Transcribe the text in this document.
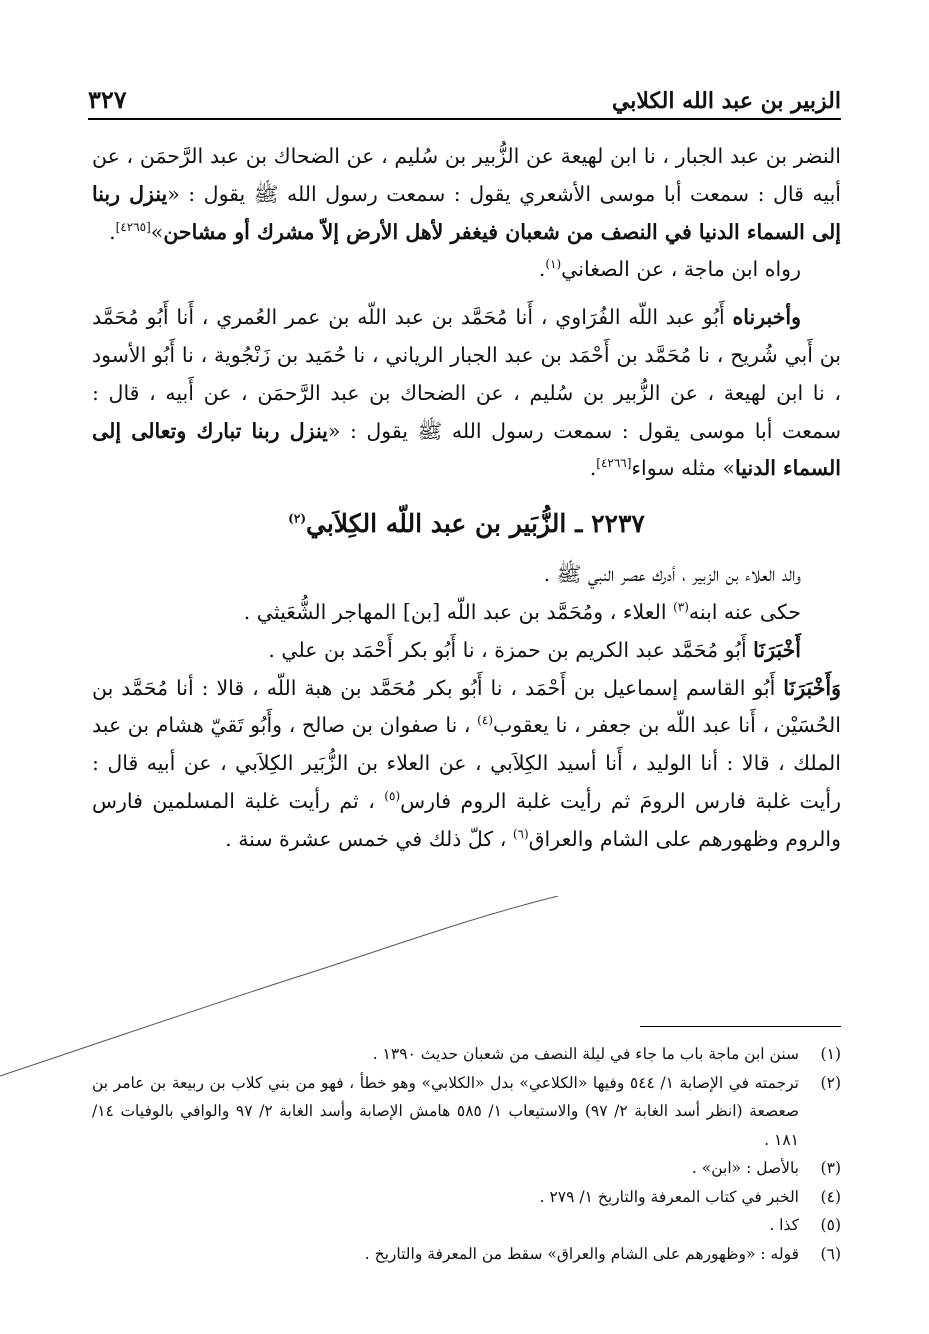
الزبير بن عبد الله الكلابي
٣٢٧

النضر بن عبد الجبار ، نا ابن لهيعة عن الزُّبير بن سُليم ، عن الضحاك بن عبد الرَّحمَن ، عن أبيه قال : سمعت أبا موسى الأشعري يقول : سمعت رسول الله ﷺ يقول : «ينزل ربنا إلى السماء الدنيا في النصف من شعبان فيغفر لأهل الأرض إلاّ مشرك أو مشاحن»[٤٢٦٥].

رواه ابن ماجة ، عن الصغاني$^{(١)}$.

وأخبرناه أَبُو عبد اللّه الفُرَاوي ، أَنا مُحَمَّد بن عبد اللّه بن عمر العُمري ، أَنا أَبُو مُحَمَّد بن أَبي شُريح ، نا مُحَمَّد بن أَحْمَد بن عبد الجبار الرياني ، نا حُمَيد بن زَنْجُوية ، نا أَبُو الأسود ، نا ابن لهيعة ، عن الزُّبير بن سُليم ، عن الضحاك بن عبد الرَّحمَن ، عن أَبيه ، قال : سمعت أبا موسى يقول : سمعت رسول الله ﷺ يقول : «ينزل ربنا تبارك وتعالى إلى السماء الدنيا» مثله سواء[٤٢٦٦].

٢٢٣٧ ـ الزُّبَير بن عبد اللّه الكِلاَبي$^{(٢)}$

والد العلاء بن الزبير ، أدرك عصر النبي ﷺ .

حكى عنه ابنه$^{(٣)}$ العلاء ، ومُحَمَّد بن عبد اللّه [بن] المهاجر الشُّعَيثي .

أَخْبَرَنَا أَبُو مُحَمَّد عبد الكريم بن حمزة ، نا أَبُو بكر أَحْمَد بن علي .

وَأَخْبَرَنَا أَبُو القاسم إسماعيل بن أَحْمَد ، نا أَبُو بكر مُحَمَّد بن هبة اللّه ، قالا : أنا مُحَمَّد بن الحُسَيْن ، أَنا عبد اللّه بن جعفر ، نا يعقوب$^{(٤)}$ ، نا صفوان بن صالح ، وأَبُو تَقيّ هشام بن عبد الملك ، قالا : أنا الوليد ، أَنا أسيد الكِلاَبي ، عن العلاء بن الزُّبَير الكِلاَبي ، عن أبيه قال : رأيت غلبة فارس الرومَ ثم رأيت غلبة الروم فارس$^{(٥)}$ ، ثم رأيت غلبة المسلمين فارس والروم وظهورهم على الشام والعراق$^{(٦)}$ ، كلّ ذلك في خمس عشرة سنة .

(١)
سنن ابن ماجة باب ما جاء في ليلة النصف من شعبان حديث ١٣٩٠ .

(٢)
ترجمته في الإصابة ١/ ٥٤٤ وفيها «الكلاعي» بدل «الكلابي» وهو خطأ ، فهو من بني كلاب بن ربيعة بن عامر بن صعصعة (انظر أسد الغابة ٢/ ٩٧) والاستيعاب ١/ ٥٨٥ هامش الإصابة وأسد الغابة ٢/ ٩٧ والوافي بالوفيات ١٤/ ١٨١ .

(٣)
بالأصل : «ابن» .

(٤)
الخبر في كتاب المعرفة والتاريخ ١/ ٢٧٩ .

(٥)
كذا .

(٦)
قوله : «وظهورهم على الشام والعراق» سقط من المعرفة والتاريخ .
